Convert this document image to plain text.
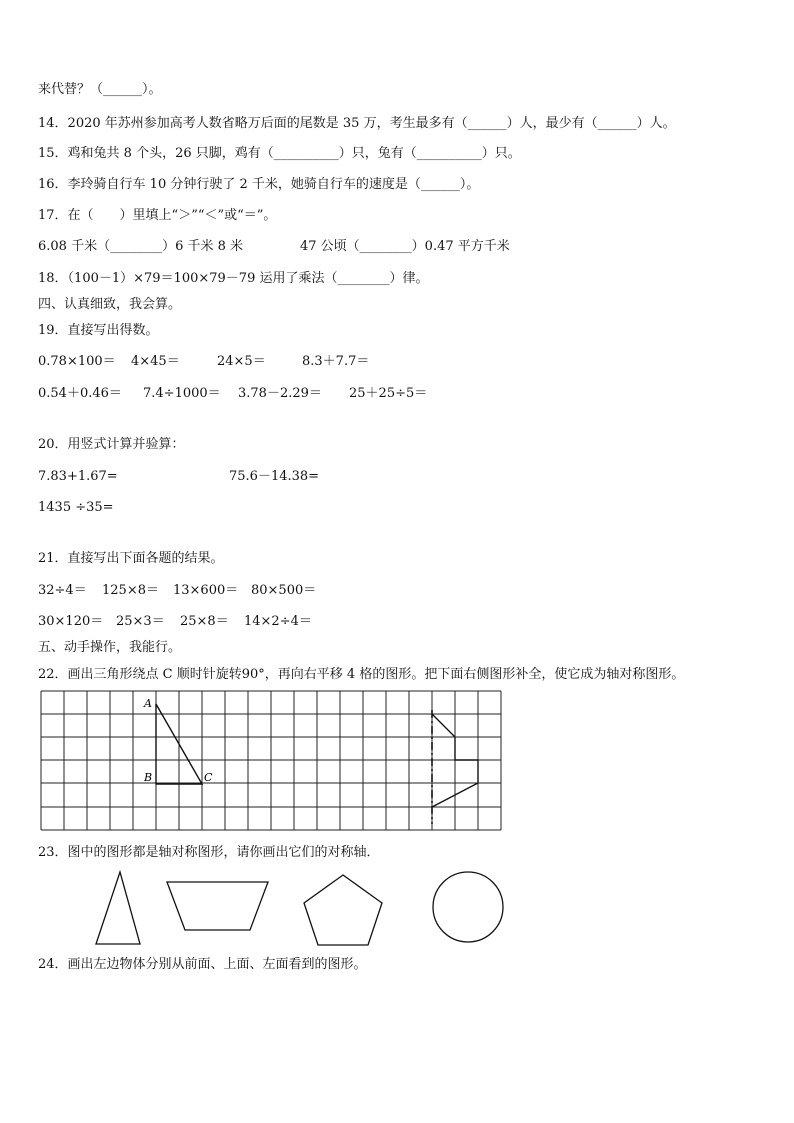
来代替？（______）。
14．2020 年苏州参加高考人数省略万后面的尾数是 35 万，考生最多有（______）人，最少有（______）人。
15．鸡和兔共 8 个头，26 只脚，鸡有（__________）只，兔有（__________）只。
16．李玲骑自行车 10 分钟行驶了 2 千米，她骑自行车的速度是（______）。
17．在（　　）里填上“＞”“＜”或“＝”。
6.08 千米（________）6 千米 8 米	47 公顷（________）0.47 平方千米
18．（100－1）×79＝100×79－79 运用了乘法（________）律。
四、认真细致，我会算。
19．直接写出得数。
0.78×100＝ 4×45＝	24×5＝	8.3＋7.7＝
0.54＋0.46＝ 7.4÷1000＝ 3.78－2.29＝ 25＋25÷5＝
20．用竖式计算并验算：
7.83+1.67=	75.6－14.38=
1435 ÷35=
21．直接写出下面各题的结果。
32÷4＝ 125×8＝ 13×600＝ 80×500＝
30×120＝ 25×3＝ 25×8＝ 14×2÷4＝
五、动手操作，我能行。
22．画出三角形绕点 C 顺时针旋转90°，再向右平移 4 格的图形。把下面右侧图形补全，使它成为轴对称图形。
A
B	C
23．图中的图形都是轴对称图形，请你画出它们的对称轴．
24．画出左边物体分别从前面、上面、左面看到的图形。
